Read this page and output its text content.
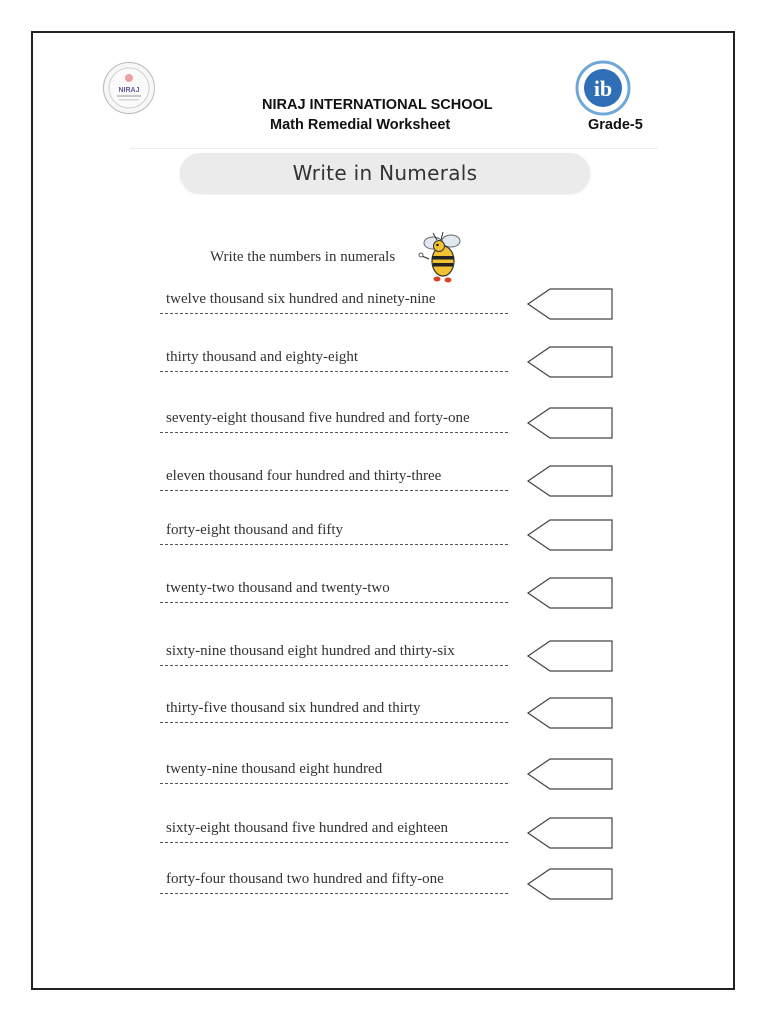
NIRAJ	ib
NIRAJ INTERNATIONAL SCHOOL
Math Remedial Worksheet	Grade-5
Write in Numerals
Write the numbers in numerals
twelve thousand six hundred and ninety-nine
thirty thousand and eighty-eight
seventy-eight thousand five hundred and forty-one
eleven thousand four hundred and thirty-three
forty-eight thousand and fifty
twenty-two thousand and twenty-two
sixty-nine thousand eight hundred and thirty-six
thirty-five thousand six hundred and thirty
twenty-nine thousand eight hundred
sixty-eight thousand five hundred and eighteen
forty-four thousand two hundred and fifty-one
